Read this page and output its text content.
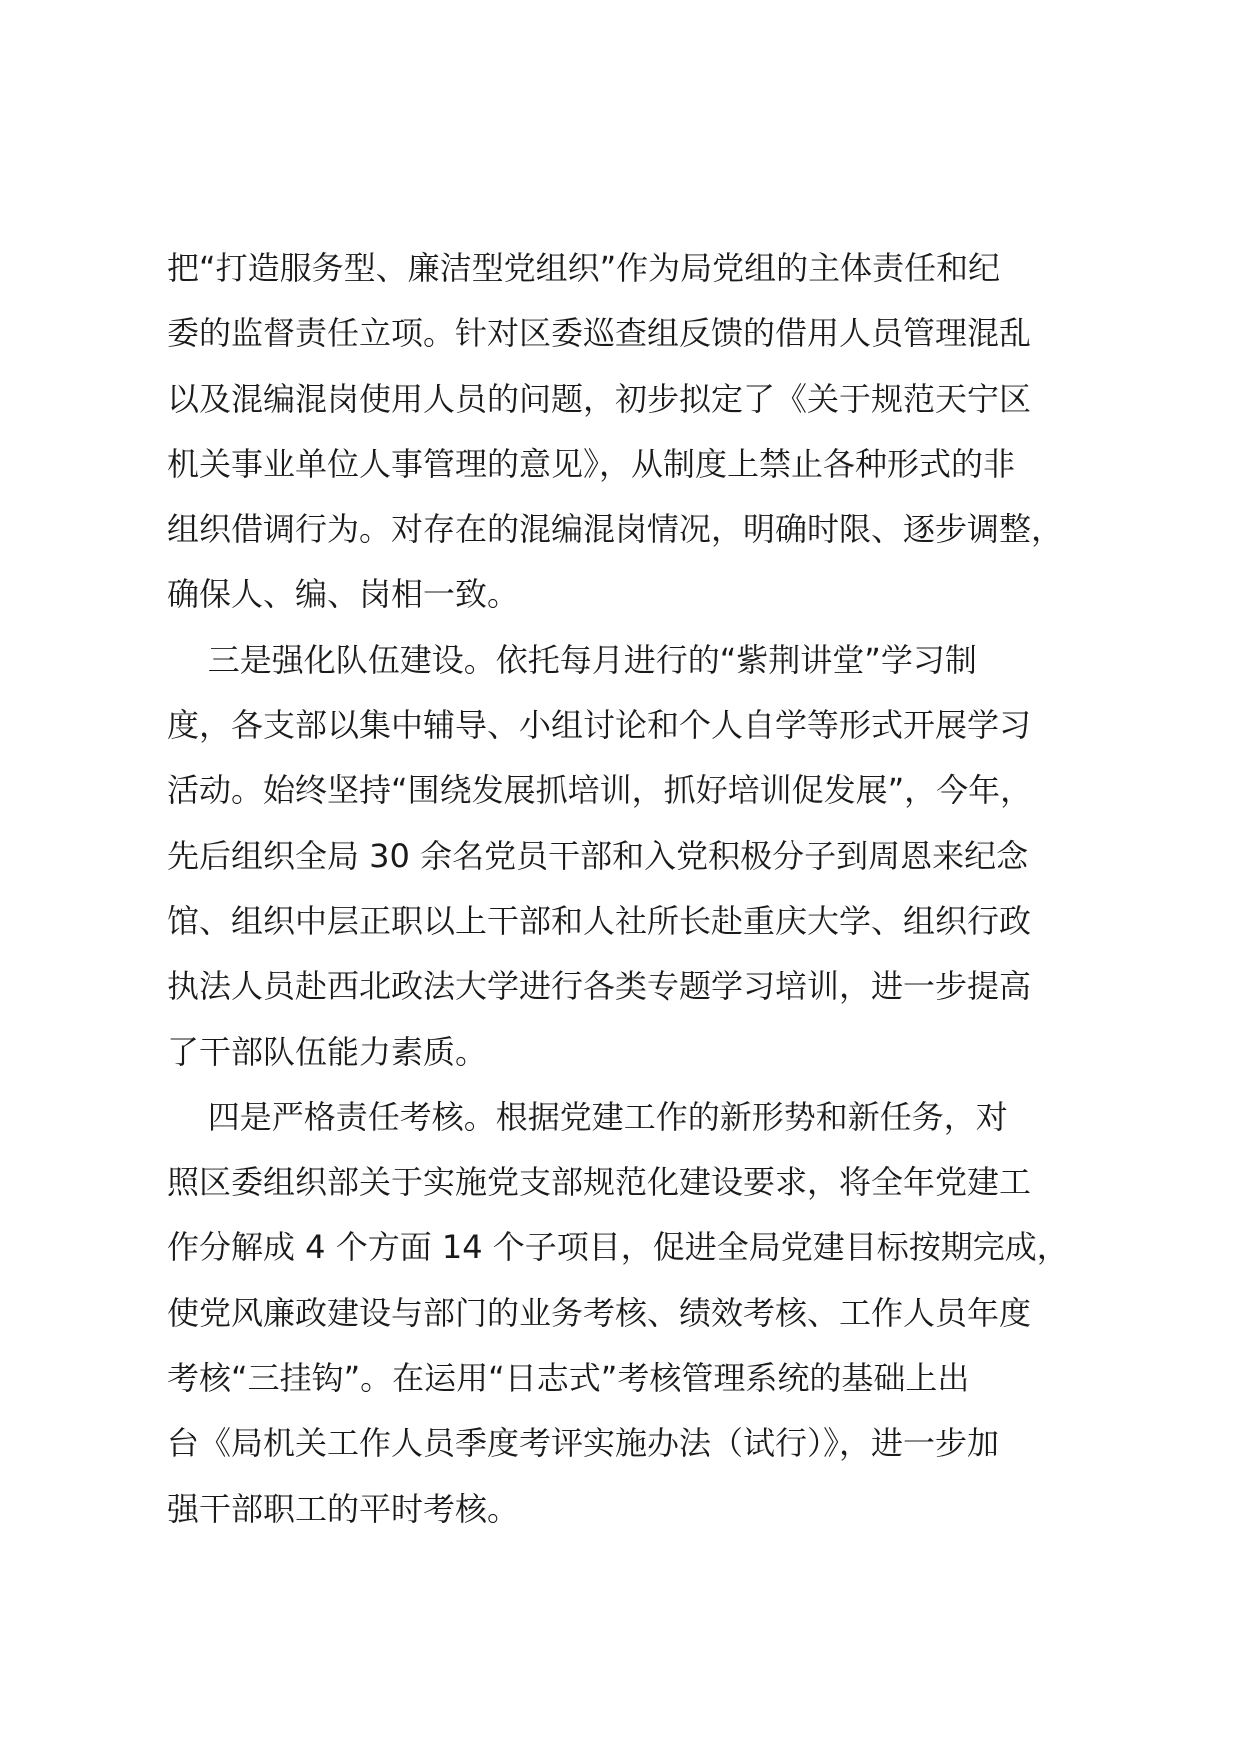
把“打造服务型、廉洁型党组织”作为局党组的主体责任和纪
委的监督责任立项。针对区委巡查组反馈的借用人员管理混乱
以及混编混岗使用人员的问题，初步拟定了《关于规范天宁区
机关事业单位人事管理的意见》，从制度上禁止各种形式的非
组织借调行为。对存在的混编混岗情况，明确时限、逐步调整，
确保人、编、岗相一致。
三是强化队伍建设。依托每月进行的“紫荆讲堂”学习制
度，各支部以集中辅导、小组讨论和个人自学等形式开展学习
活动。始终坚持“围绕发展抓培训，抓好培训促发展”，今年，
先后组织全局 30 余名党员干部和入党积极分子到周恩来纪念
馆、组织中层正职以上干部和人社所长赴重庆大学、组织行政
执法人员赴西北政法大学进行各类专题学习培训，进一步提高
了干部队伍能力素质。
四是严格责任考核。根据党建工作的新形势和新任务，对
照区委组织部关于实施党支部规范化建设要求，将全年党建工
作分解成 4 个方面 14 个子项目，促进全局党建目标按期完成，
使党风廉政建设与部门的业务考核、绩效考核、工作人员年度
考核“三挂钩”。在运用“日志式”考核管理系统的基础上出
台《局机关工作人员季度考评实施办法（试行）》，进一步加
强干部职工的平时考核。
